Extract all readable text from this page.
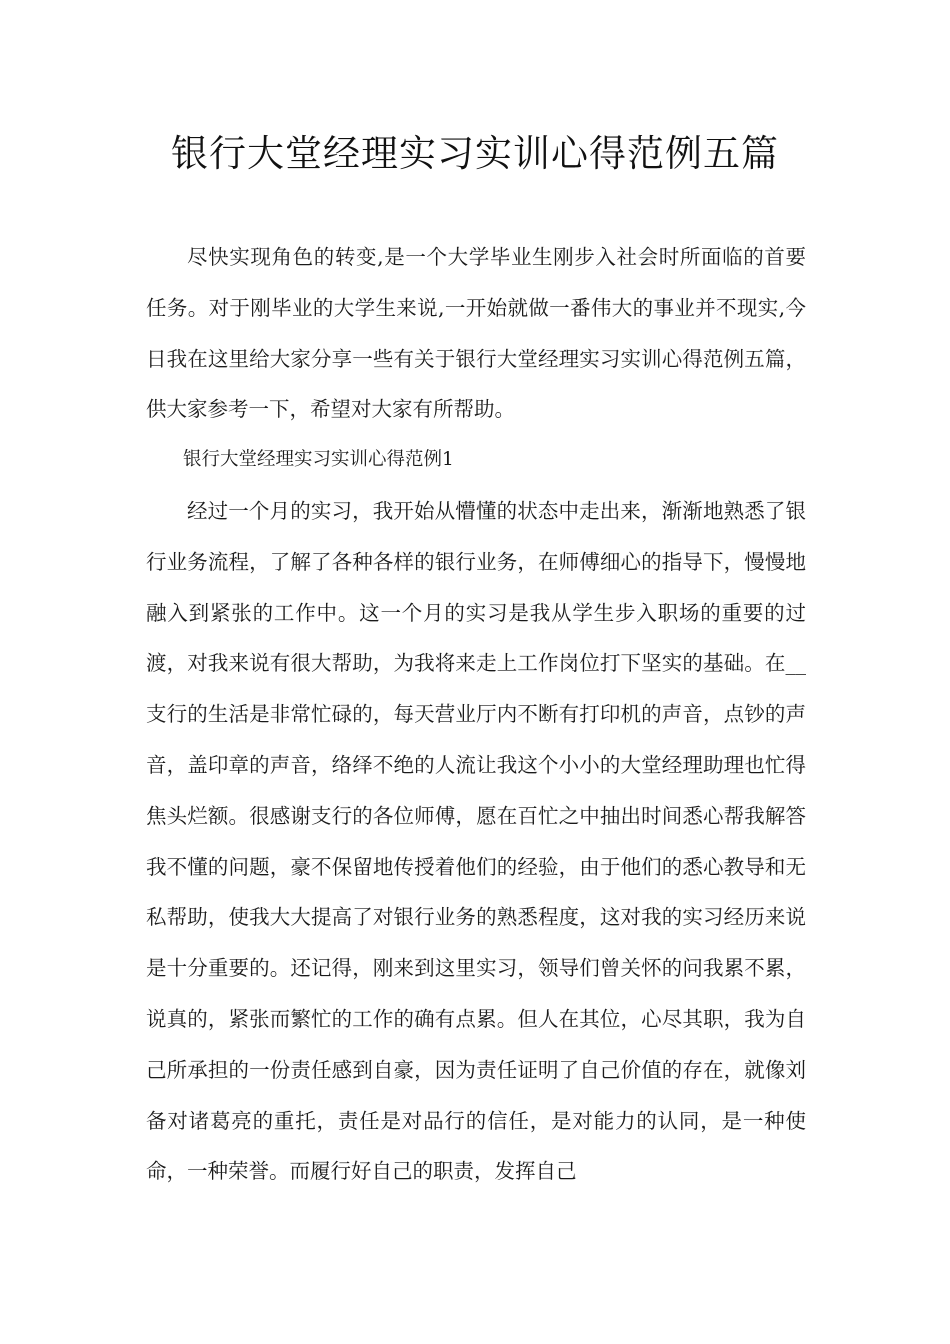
银行大堂经理实习实训心得范例五篇

尽快实现角色的转变,是一个大学毕业生刚步入社会时所面临的首要任务。对于刚毕业的大学生来说,一开始就做一番伟大的事业并不现实,今日我在这里给大家分享一些有关于银行大堂经理实习实训心得范例五篇，供大家参考一下，希望对大家有所帮助。

银行大堂经理实习实训心得范例1

经过一个月的实习，我开始从懵懂的状态中走出来，渐渐地熟悉了银行业务流程，了解了各种各样的银行业务，在师傅细心的指导下，慢慢地融入到紧张的工作中。这一个月的实习是我从学生步入职场的重要的过渡，对我来说有很大帮助，为我将来走上工作岗位打下坚实的基础。在__支行的生活是非常忙碌的，每天营业厅内不断有打印机的声音，点钞的声音，盖印章的声音，络绎不绝的人流让我这个小小的大堂经理助理也忙得焦头烂额。很感谢支行的各位师傅，愿在百忙之中抽出时间悉心帮我解答我不懂的问题，豪不保留地传授着他们的经验，由于他们的悉心教导和无私帮助，使我大大提高了对银行业务的熟悉程度，这对我的实习经历来说是十分重要的。还记得，刚来到这里实习，领导们曾关怀的问我累不累，说真的，紧张而繁忙的工作的确有点累。但人在其位，心尽其职，我为自己所承担的一份责任感到自豪，因为责任证明了自己价值的存在，就像刘备对诸葛亮的重托，责任是对品行的信任，是对能力的认同，是一种使命，一种荣誉。而履行好自己的职责，发挥自己
